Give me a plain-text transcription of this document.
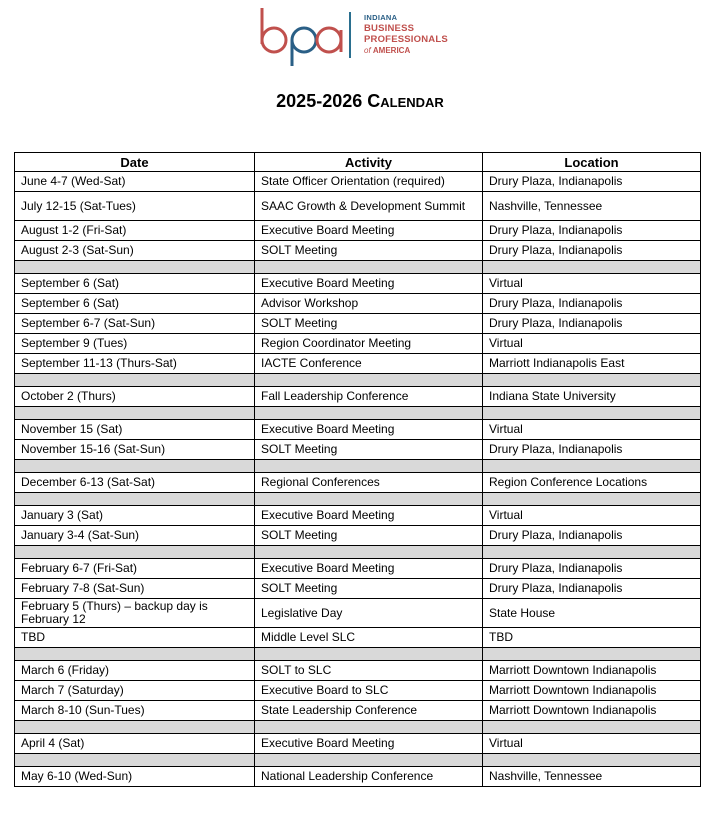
INDIANA
BUSINESS
PROFESSIONALS
of AMERICA
2025-2026 Calendar
Date	Activity	Location
June 4-7 (Wed-Sat)	State Officer Orientation (required)	Drury Plaza, Indianapolis
July 12-15 (Sat-Tues)	SAAC Growth & Development Summit	Nashville, Tennessee
August 1-2 (Fri-Sat)	Executive Board Meeting	Drury Plaza, Indianapolis
August 2-3 (Sat-Sun)	SOLT Meeting	Drury Plaza, Indianapolis

September 6 (Sat)	Executive Board Meeting	Virtual
September 6 (Sat)	Advisor Workshop	Drury Plaza, Indianapolis
September 6-7 (Sat-Sun)	SOLT Meeting	Drury Plaza, Indianapolis
September 9 (Tues)	Region Coordinator Meeting	Virtual
September 11-13 (Thurs-Sat)	IACTE Conference	Marriott Indianapolis East

October 2 (Thurs)	Fall Leadership Conference	Indiana State University

November 15 (Sat)	Executive Board Meeting	Virtual
November 15-16 (Sat-Sun)	SOLT Meeting	Drury Plaza, Indianapolis

December 6-13 (Sat-Sat)	Regional Conferences	Region Conference Locations

January 3 (Sat)	Executive Board Meeting	Virtual
January 3-4 (Sat-Sun)	SOLT Meeting	Drury Plaza, Indianapolis

February 6-7 (Fri-Sat)	Executive Board Meeting	Drury Plaza, Indianapolis
February 7-8 (Sat-Sun)	SOLT Meeting	Drury Plaza, Indianapolis
February 5 (Thurs) – backup day is February 12	Legislative Day	State House
TBD	Middle Level SLC	TBD

March 6 (Friday)	SOLT to SLC	Marriott Downtown Indianapolis
March 7 (Saturday)	Executive Board to SLC	Marriott Downtown Indianapolis
March 8-10 (Sun-Tues)	State Leadership Conference	Marriott Downtown Indianapolis

April 4 (Sat)	Executive Board Meeting	Virtual

May 6-10 (Wed-Sun)	National Leadership Conference	Nashville, Tennessee
